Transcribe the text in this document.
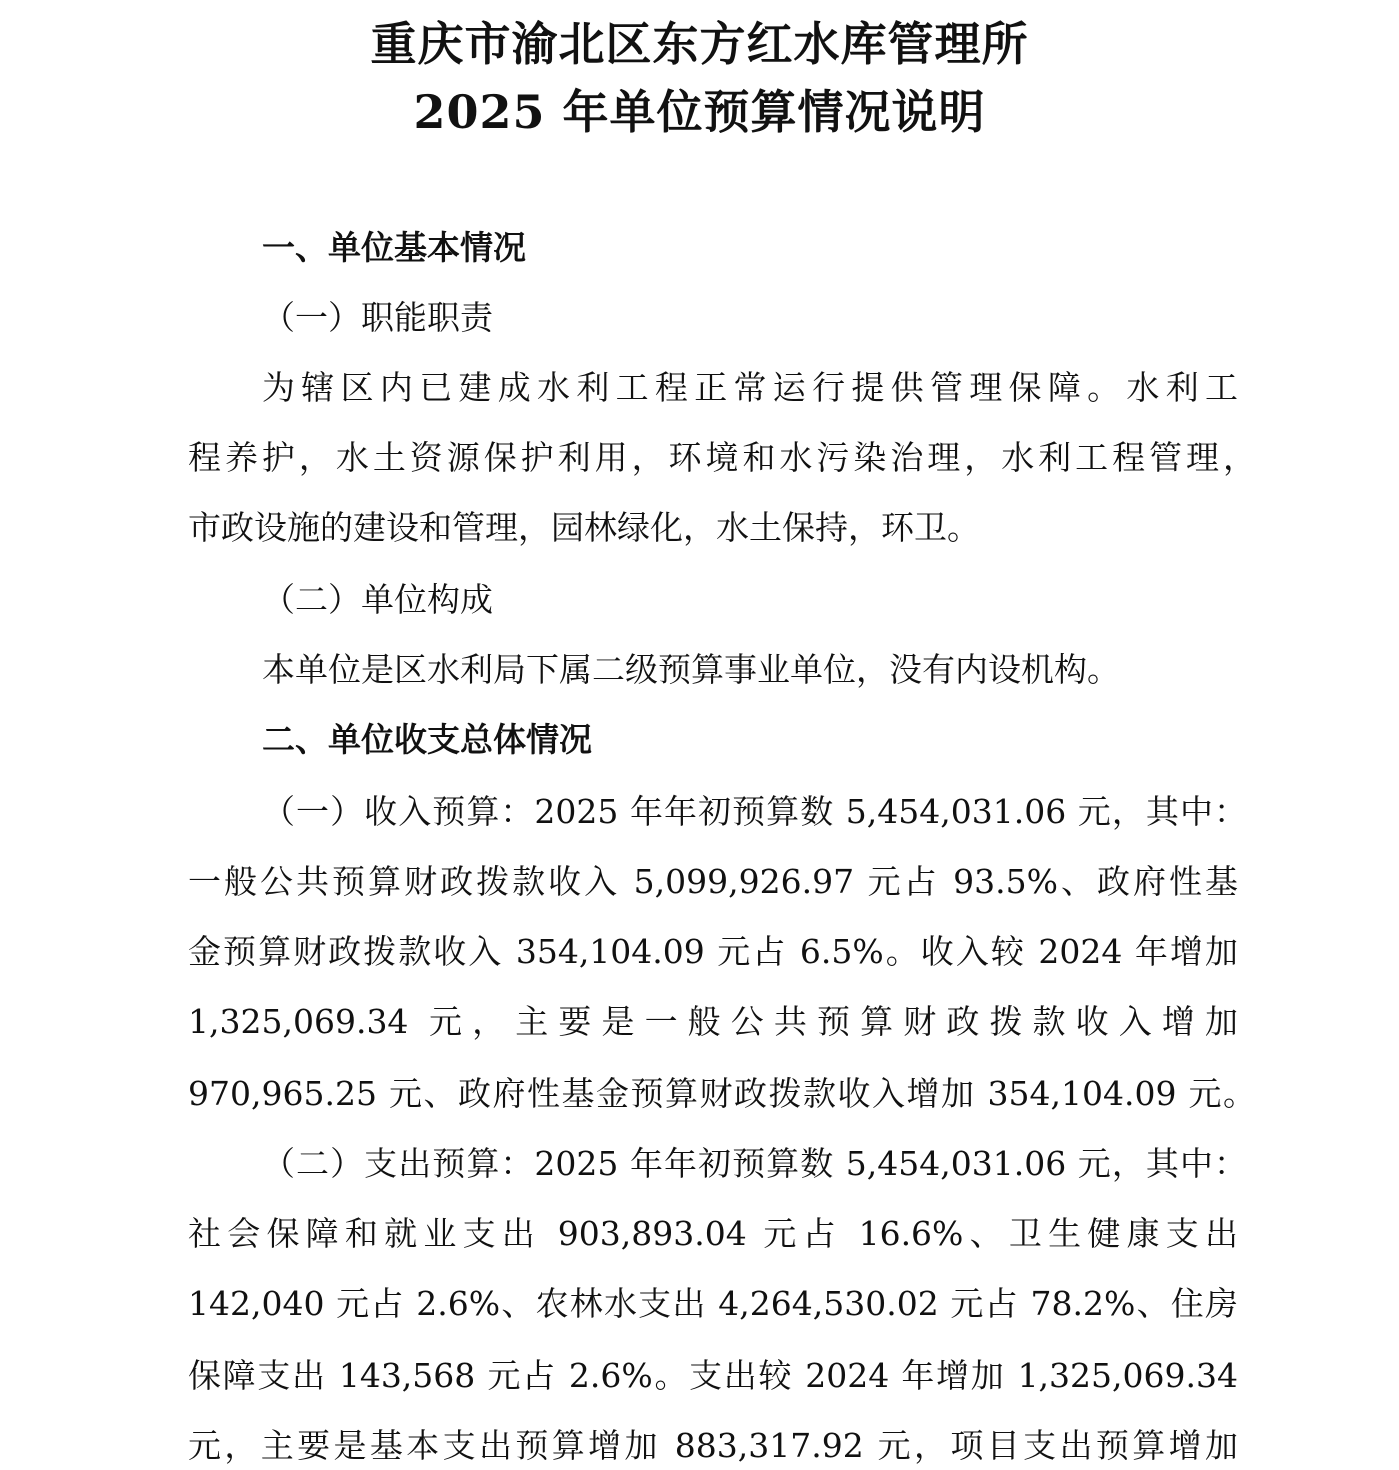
重庆市渝北区东方红水库管理所
2025 年单位预算情况说明
一、单位基本情况
（一）职能职责
为辖区内已建成水利工程正常运行提供管理保障。水利工
程养护，水土资源保护利用，环境和水污染治理，水利工程管理，
市政设施的建设和管理，园林绿化，水土保持，环卫。
（二）单位构成
本单位是区水利局下属二级预算事业单位，没有内设机构。
二、单位收支总体情况
（一）收入预算：2025 年年初预算数 5,454,031.06 元，其中：
一般公共预算财政拨款收入 5,099,926.97 元占 93.5%、政府性基
金预算财政拨款收入 354,104.09 元占 6.5%。收入较 2024 年增加
1,325,069.34 元，主要是一般公共预算财政拨款收入增加
970,965.25 元、政府性基金预算财政拨款收入增加 354,104.09 元。
（二）支出预算：2025 年年初预算数 5,454,031.06 元，其中：
社会保障和就业支出 903,893.04 元占 16.6%、卫生健康支出
142,040 元占 2.6%、农林水支出 4,264,530.02 元占 78.2%、住房
保障支出 143,568 元占 2.6%。支出较 2024 年增加 1,325,069.34
元，主要是基本支出预算增加 883,317.92 元，项目支出预算增加
